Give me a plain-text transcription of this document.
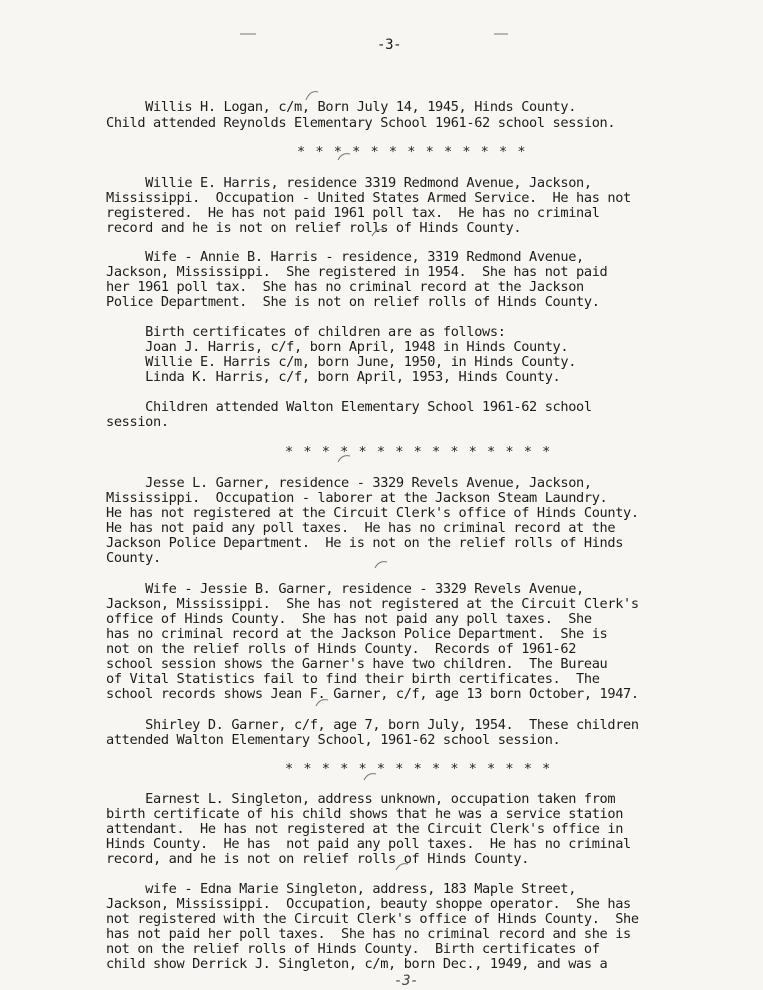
-3-
Willis H. Logan, c/m, Born July 14, 1945, Hinds County.
Child attended Reynolds Elementary School 1961-62 school session.
* * * * * * * * * * * * *
Willie E. Harris, residence 3319 Redmond Avenue, Jackson,
Mississippi.  Occupation - United States Armed Service.  He has not
registered.  He has not paid 1961 poll tax.  He has no criminal
record and he is not on relief rolls of Hinds County.
Wife - Annie B. Harris - residence, 3319 Redmond Avenue,
Jackson, Mississippi.  She registered in 1954.  She has not paid
her 1961 poll tax.  She has no criminal record at the Jackson
Police Department.  She is not on relief rolls of Hinds County.
Birth certificates of children are as follows:
Joan J. Harris, c/f, born April, 1948 in Hinds County.
Willie E. Harris c/m, born June, 1950, in Hinds County.
Linda K. Harris, c/f, born April, 1953, Hinds County.
Children attended Walton Elementary School 1961-62 school
session.
* * * * * * * * * * * * * * *
Jesse L. Garner, residence - 3329 Revels Avenue, Jackson,
Mississippi.  Occupation - laborer at the Jackson Steam Laundry.
He has not registered at the Circuit Clerk's office of Hinds County.
He has not paid any poll taxes.  He has no criminal record at the
Jackson Police Department.  He is not on the relief rolls of Hinds
County.
Wife - Jessie B. Garner, residence - 3329 Revels Avenue,
Jackson, Mississippi.  She has not registered at the Circuit Clerk's
office of Hinds County.  She has not paid any poll taxes.  She
has no criminal record at the Jackson Police Department.  She is
not on the relief rolls of Hinds County.  Records of 1961-62
school session shows the Garner's have two children.  The Bureau
of Vital Statistics fail to find their birth certificates.  The
school records shows Jean F. Garner, c/f, age 13 born October, 1947.
Shirley D. Garner, c/f, age 7, born July, 1954.  These children
attended Walton Elementary School, 1961-62 school session.
* * * * * * * * * * * * * * *
Earnest L. Singleton, address unknown, occupation taken from
birth certificate of his child shows that he was a service station
attendant.  He has not registered at the Circuit Clerk's office in
Hinds County.  He has  not paid any poll taxes.  He has no criminal
record, and he is not on relief rolls of Hinds County.
wife - Edna Marie Singleton, address, 183 Maple Street,
Jackson, Mississippi.  Occupation, beauty shoppe operator.  She has
not registered with the Circuit Clerk's office of Hinds County.  She
has not paid her poll taxes.  She has no criminal record and she is
not on the relief rolls of Hinds County.  Birth certificates of
child show Derrick J. Singleton, c/m, born Dec., 1949, and was a
-3-
